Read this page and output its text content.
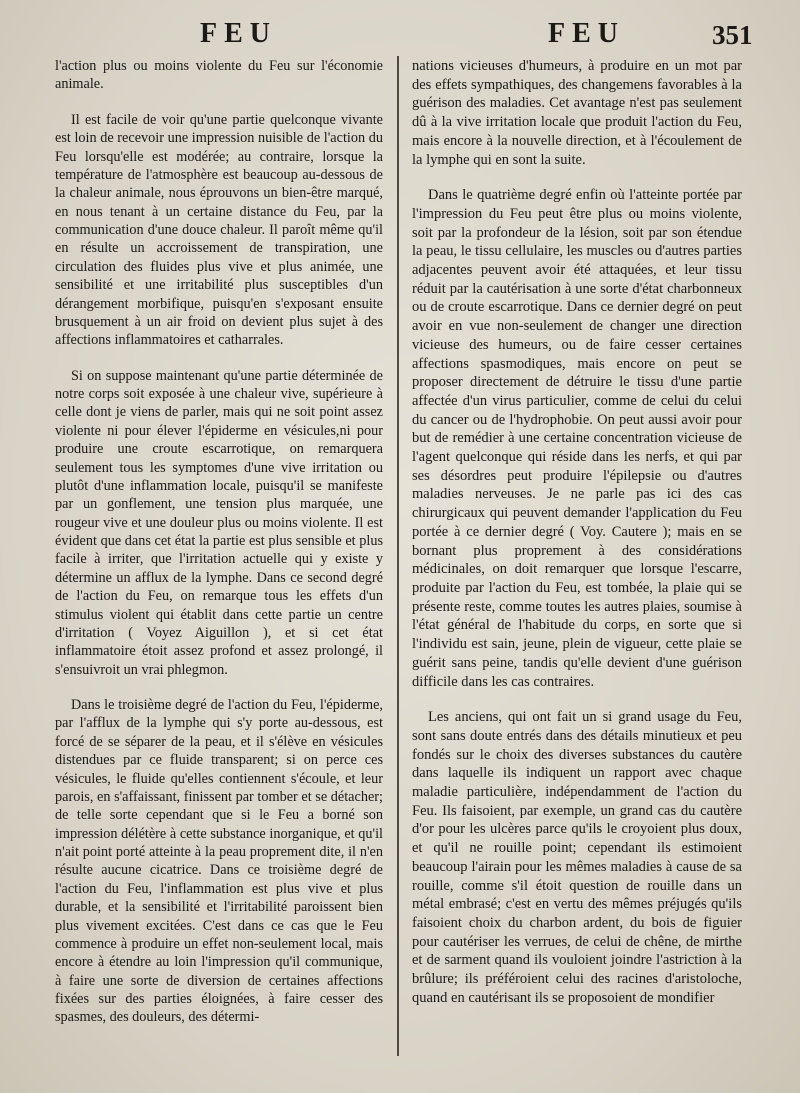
FEU	FEU	351

l'action plus ou moins violente du Feu sur l'économie animale.

Il est facile de voir qu'une partie quelconque vivante est loin de recevoir une impression nuisible de l'action du Feu lorsqu'elle est modérée; au contraire, lorsque la température de l'atmosphère est beaucoup au-dessous de la chaleur animale, nous éprouvons un bien-être marqué, en nous tenant à un certaine distance du Feu, par la communication d'une douce chaleur. Il paroît même qu'il en résulte un accroissement de transpiration, une circulation des fluides plus vive et plus animée, une sensibilité et une irritabilité plus susceptibles d'un dérangement morbifique, puisqu'en s'exposant ensuite brusquement à un air froid on devient plus sujet à des affections inflammatoires et catharrales.

Si on suppose maintenant qu'une partie déterminée de notre corps soit exposée à une chaleur vive, supérieure à celle dont je viens de parler, mais qui ne soit point assez violente ni pour élever l'épiderme en vésicules,ni pour produire une croute escarrotique, on remarquera seulement tous les symptomes d'une vive irritation ou plutôt d'une inflammation locale, puisqu'il se manifeste par un gonflement, une tension plus marquée, une rougeur vive et une douleur plus ou moins violente. Il est évident que dans cet état la partie est plus sensible et plus facile à irriter, que l'irritation actuelle qui y existe y détermine un afflux de la lymphe. Dans ce second degré de l'action du Feu, on remarque tous les effets d'un stimulus violent qui établit dans cette partie un centre d'irritation ( Voyez Aiguillon ), et si cet état inflammatoire étoit assez profond et assez prolongé, il s'ensuivroit un vrai phlegmon.

Dans le troisième degré de l'action du Feu, l'épiderme, par l'afflux de la lymphe qui s'y porte au-dessous, est forcé de se séparer de la peau, et il s'élève en vésicules distendues par ce fluide transparent; si on perce ces vésicules, le fluide qu'elles contiennent s'écoule, et leur parois, en s'affaissant, finissent par tomber et se détacher; de telle sorte cependant que si le Feu a borné son impression délétère à cette substance inorganique, et qu'il n'ait point porté atteinte à la peau proprement dite, il n'en résulte aucune cicatrice. Dans ce troisième degré de l'action du Feu, l'inflammation est plus vive et plus durable, et la sensibilité et l'irritabilité paroissent bien plus vivement excitées. C'est dans ce cas que le Feu commence à produire un effet non-seulement local, mais encore à étendre au loin l'impression qu'il communique, à faire une sorte de diversion de certaines affections fixées sur des parties éloignées, à faire cesser des spasmes, des douleurs, des détermi-

nations vicieuses d'humeurs, à produire en un mot par des effets sympathiques, des changemens favorables à la guérison des maladies. Cet avantage n'est pas seulement dû à la vive irritation locale que produit l'action du Feu, mais encore à la nouvelle direction, et à l'écoulement de la lymphe qui en sont la suite.

Dans le quatrième degré enfin où l'atteinte portée par l'impression du Feu peut être plus ou moins violente, soit par la profondeur de la lésion, soit par son étendue la peau, le tissu cellulaire, les muscles ou d'autres parties adjacentes peuvent avoir été attaquées, et leur tissu réduit par la cautérisation à une sorte d'état charbonneux ou de croute escarrotique. Dans ce dernier degré on peut avoir en vue non-seulement de changer une direction vicieuse des humeurs, ou de faire cesser certaines affections spasmodiques, mais encore on peut se proposer directement de détruire le tissu d'une partie affectée d'un virus particulier, comme de celui du celui du cancer ou de l'hydrophobie. On peut aussi avoir pour but de remédier à une certaine concentration vicieuse de l'agent quelconque qui réside dans les nerfs, et qui par ses désordres peut produire l'épilepsie ou d'autres maladies nerveuses. Je ne parle pas ici des cas chirurgicaux qui peuvent demander l'application du Feu portée à ce dernier degré ( Voy. Cautere ); mais en se bornant plus proprement à des considérations médicinales, on doit remarquer que lorsque l'escarre, produite par l'action du Feu, est tombée, la plaie qui se présente reste, comme toutes les autres plaies, soumise à l'état général de l'habitude du corps, en sorte que si l'individu est sain, jeune, plein de vigueur, cette plaie se guérit sans peine, tandis qu'elle devient d'une guérison difficile dans les cas contraires.

Les anciens, qui ont fait un si grand usage du Feu, sont sans doute entrés dans des détails minutieux et peu fondés sur le choix des diverses substances du cautère dans laquelle ils indiquent un rapport avec chaque maladie particulière, indépendamment de l'action du Feu. Ils faisoient, par exemple, un grand cas du cautère d'or pour les ulcères parce qu'ils le croyoient plus doux, et qu'il ne rouille point; cependant ils estimoient beaucoup l'airain pour les mêmes maladies à cause de sa rouille, comme s'il étoit question de rouille dans un métal embrasé; c'est en vertu des mêmes préjugés qu'ils faisoient choix du charbon ardent, du bois de figuier pour cautériser les verrues, de celui de chêne, de mirthe et de sarment quand ils vouloient joindre l'astriction à la brûlure; ils préféroient celui des racines d'aristoloche, quand en cautérisant ils se proposoient de mondifier
